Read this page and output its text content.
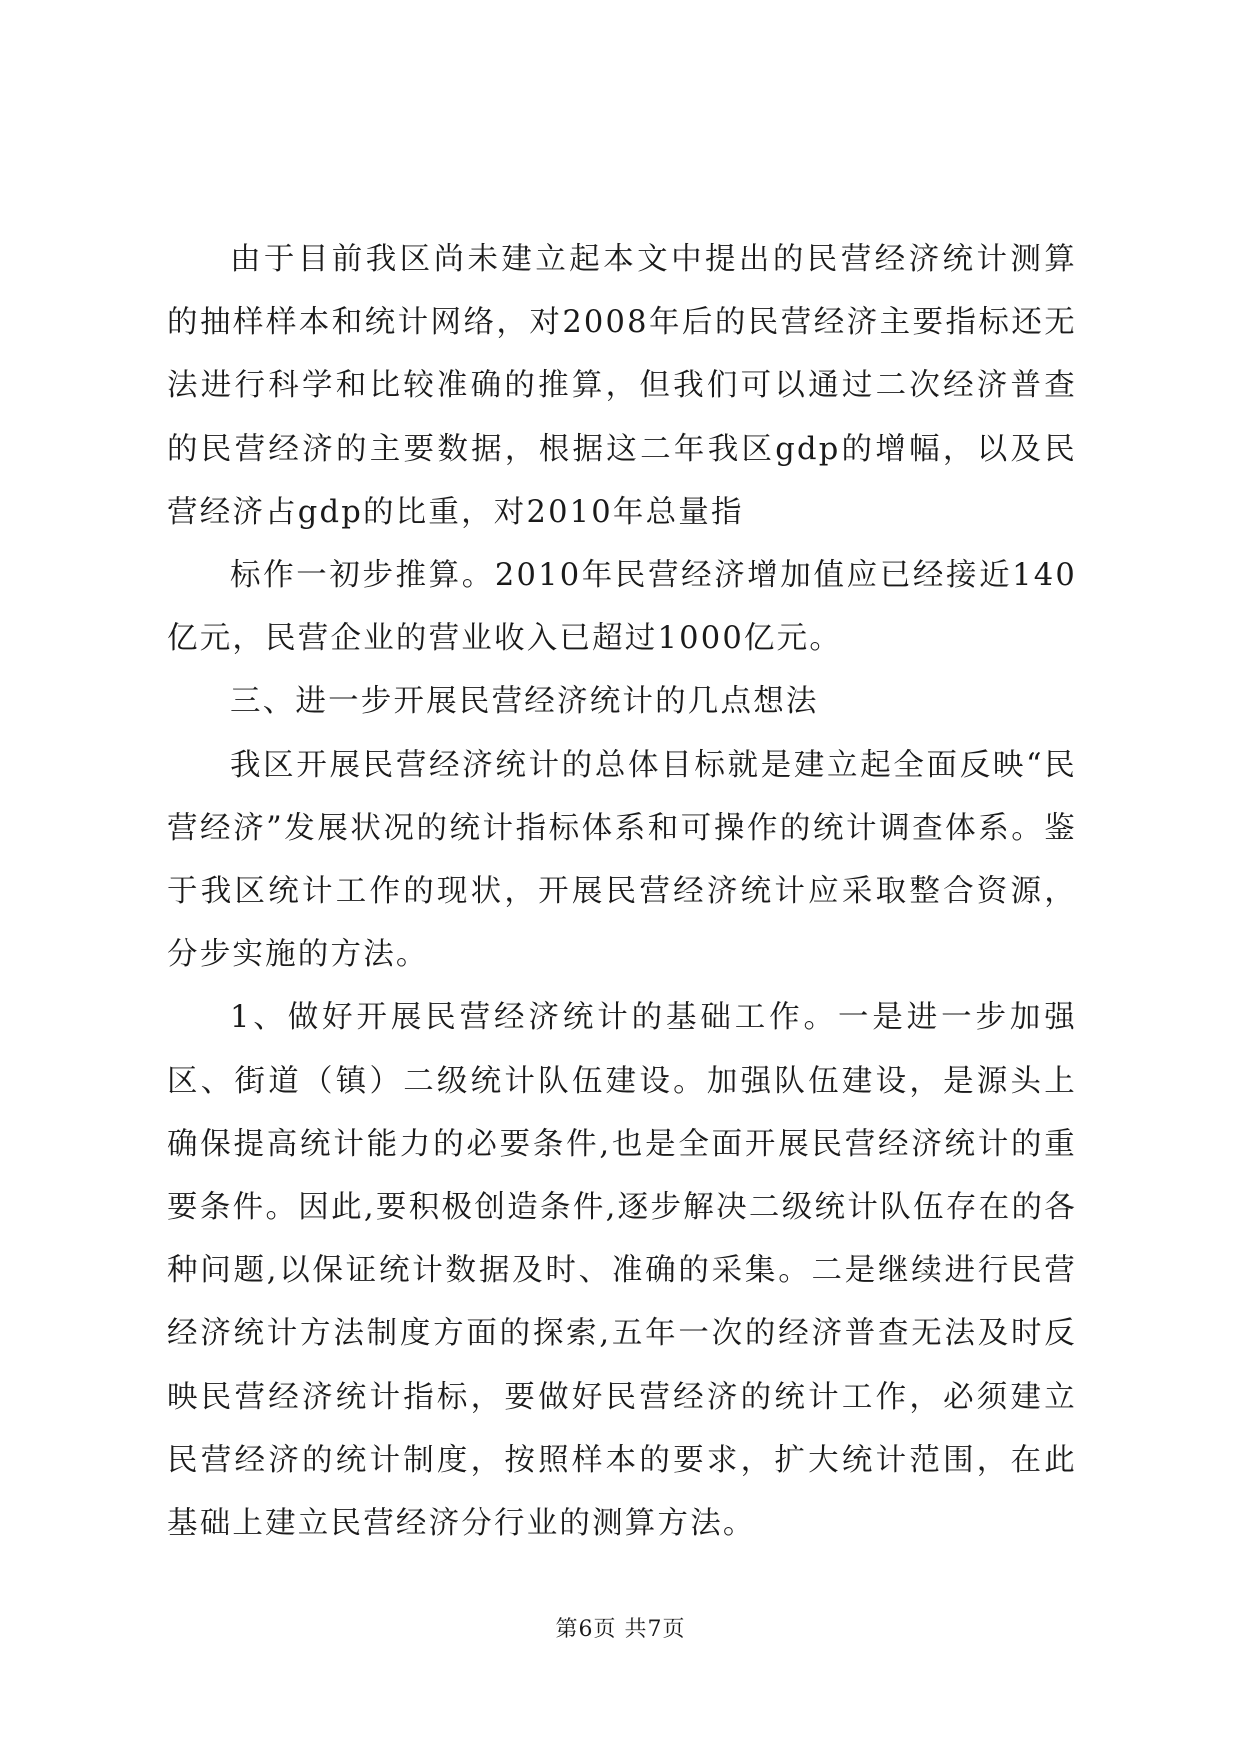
由于目前我区尚未建立起本文中提出的民营经济统计测算的抽样样本和统计网络，对2008年后的民营经济主要指标还无法进行科学和比较准确的推算，但我们可以通过二次经济普查的民营经济的主要数据，根据这二年我区gdp的增幅，以及民营经济占gdp的比重，对2010年总量指

标作一初步推算。2010年民营经济增加值应已经接近140亿元，民营企业的营业收入已超过1000亿元。

三、进一步开展民营经济统计的几点想法

我区开展民营经济统计的总体目标就是建立起全面反映“民营经济”发展状况的统计指标体系和可操作的统计调查体系。鉴于我区统计工作的现状，开展民营经济统计应采取整合资源，分步实施的方法。

1、做好开展民营经济统计的基础工作。一是进一步加强区、街道（镇）二级统计队伍建设。加强队伍建设，是源头上确保提高统计能力的必要条件,也是全面开展民营经济统计的重要条件。因此,要积极创造条件,逐步解决二级统计队伍存在的各种问题,以保证统计数据及时、准确的采集。二是继续进行民营经济统计方法制度方面的探索,五年一次的经济普查无法及时反映民营经济统计指标，要做好民营经济的统计工作，必须建立民营经济的统计制度，按照样本的要求，扩大统计范围，在此基础上建立民营经济分行业的测算方法。

第6页 共7页
